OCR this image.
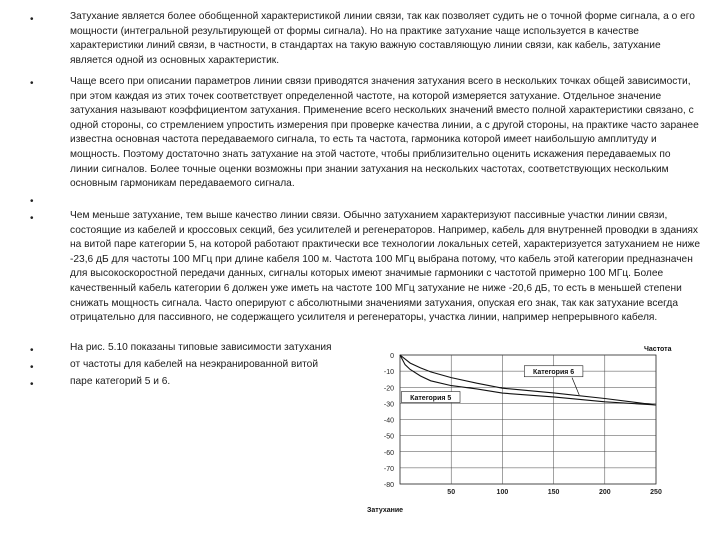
•
•
•
•
•
•
•

Затухание является более обобщенной характеристикой линии связи, так как позволяет судить не о точной форме сигнала, а о его мощности (интегральной результирующей от формы сигнала). Но на практике затухание чаще используется в качестве характеристики линий связи, в частности, в стандартах на такую важную составляющую линии связи, как кабель, затухание является одной из основных характеристик.

Чаще всего при описании параметров линии связи приводятся значения затухания всего в нескольких точках общей зависимости, при этом каждая из этих точек соответствует определенной частоте, на которой измеряется затухание. Отдельное значение затухания называют коэффициентом затухания. Применение всего нескольких значений вместо полной характеристики связано, с одной стороны, со стремлением упростить измерения при проверке качества линии, а с другой стороны, на практике часто заранее известна основная частота передаваемого сигнала, то есть та частота, гармоника которой имеет наибольшую амплитуду и мощность. Поэтому достаточно знать затухание на этой частоте, чтобы приблизительно оценить искажения передаваемых по линии сигналов. Более точные оценки возможны при знании затухания на нескольких частотах, соответствующих нескольким основным гармоникам передаваемого сигнала.

Чем меньше затухание, тем выше качество линии связи. Обычно затуханием характеризуют пассивные участки линии связи, состоящие из кабелей и кроссовых секций, без усилителей и регенераторов. Например, кабель для внутренней проводки в зданиях на витой паре категории 5, на которой работают практически все технологии локальных сетей, характеризуется затуханием не ниже -23,6 дБ для частоты 100 МГц при длине кабеля 100 м. Частота 100 МГц выбрана потому, что кабель этой категории предназначен для высокоскоростной передачи данных, сигналы которых имеют значимые гармоники с частотой примерно 100 МГц. Более качественный кабель категории 6 должен уже иметь на частоте 100 МГц затухание не ниже -20,6 дБ, то есть в меньшей степени снижать мощность сигнала. Часто оперируют с абсолютными значениями затухания, опуская его знак, так как затухание всегда отрицательно для пассивного, не содержащего усилителя и регенераторы, участка линии, например непрерывного кабеля.

На рис. 5.10 показаны типовые зависимости затухания

от частоты для кабелей на неэкранированной витой

паре категорий 5 и 6.

0
-10
-20
-30
-40
-50
-60
-70
-80
50	100	150	200	250
Категория 6
Категория 5
Частота
Затухание
